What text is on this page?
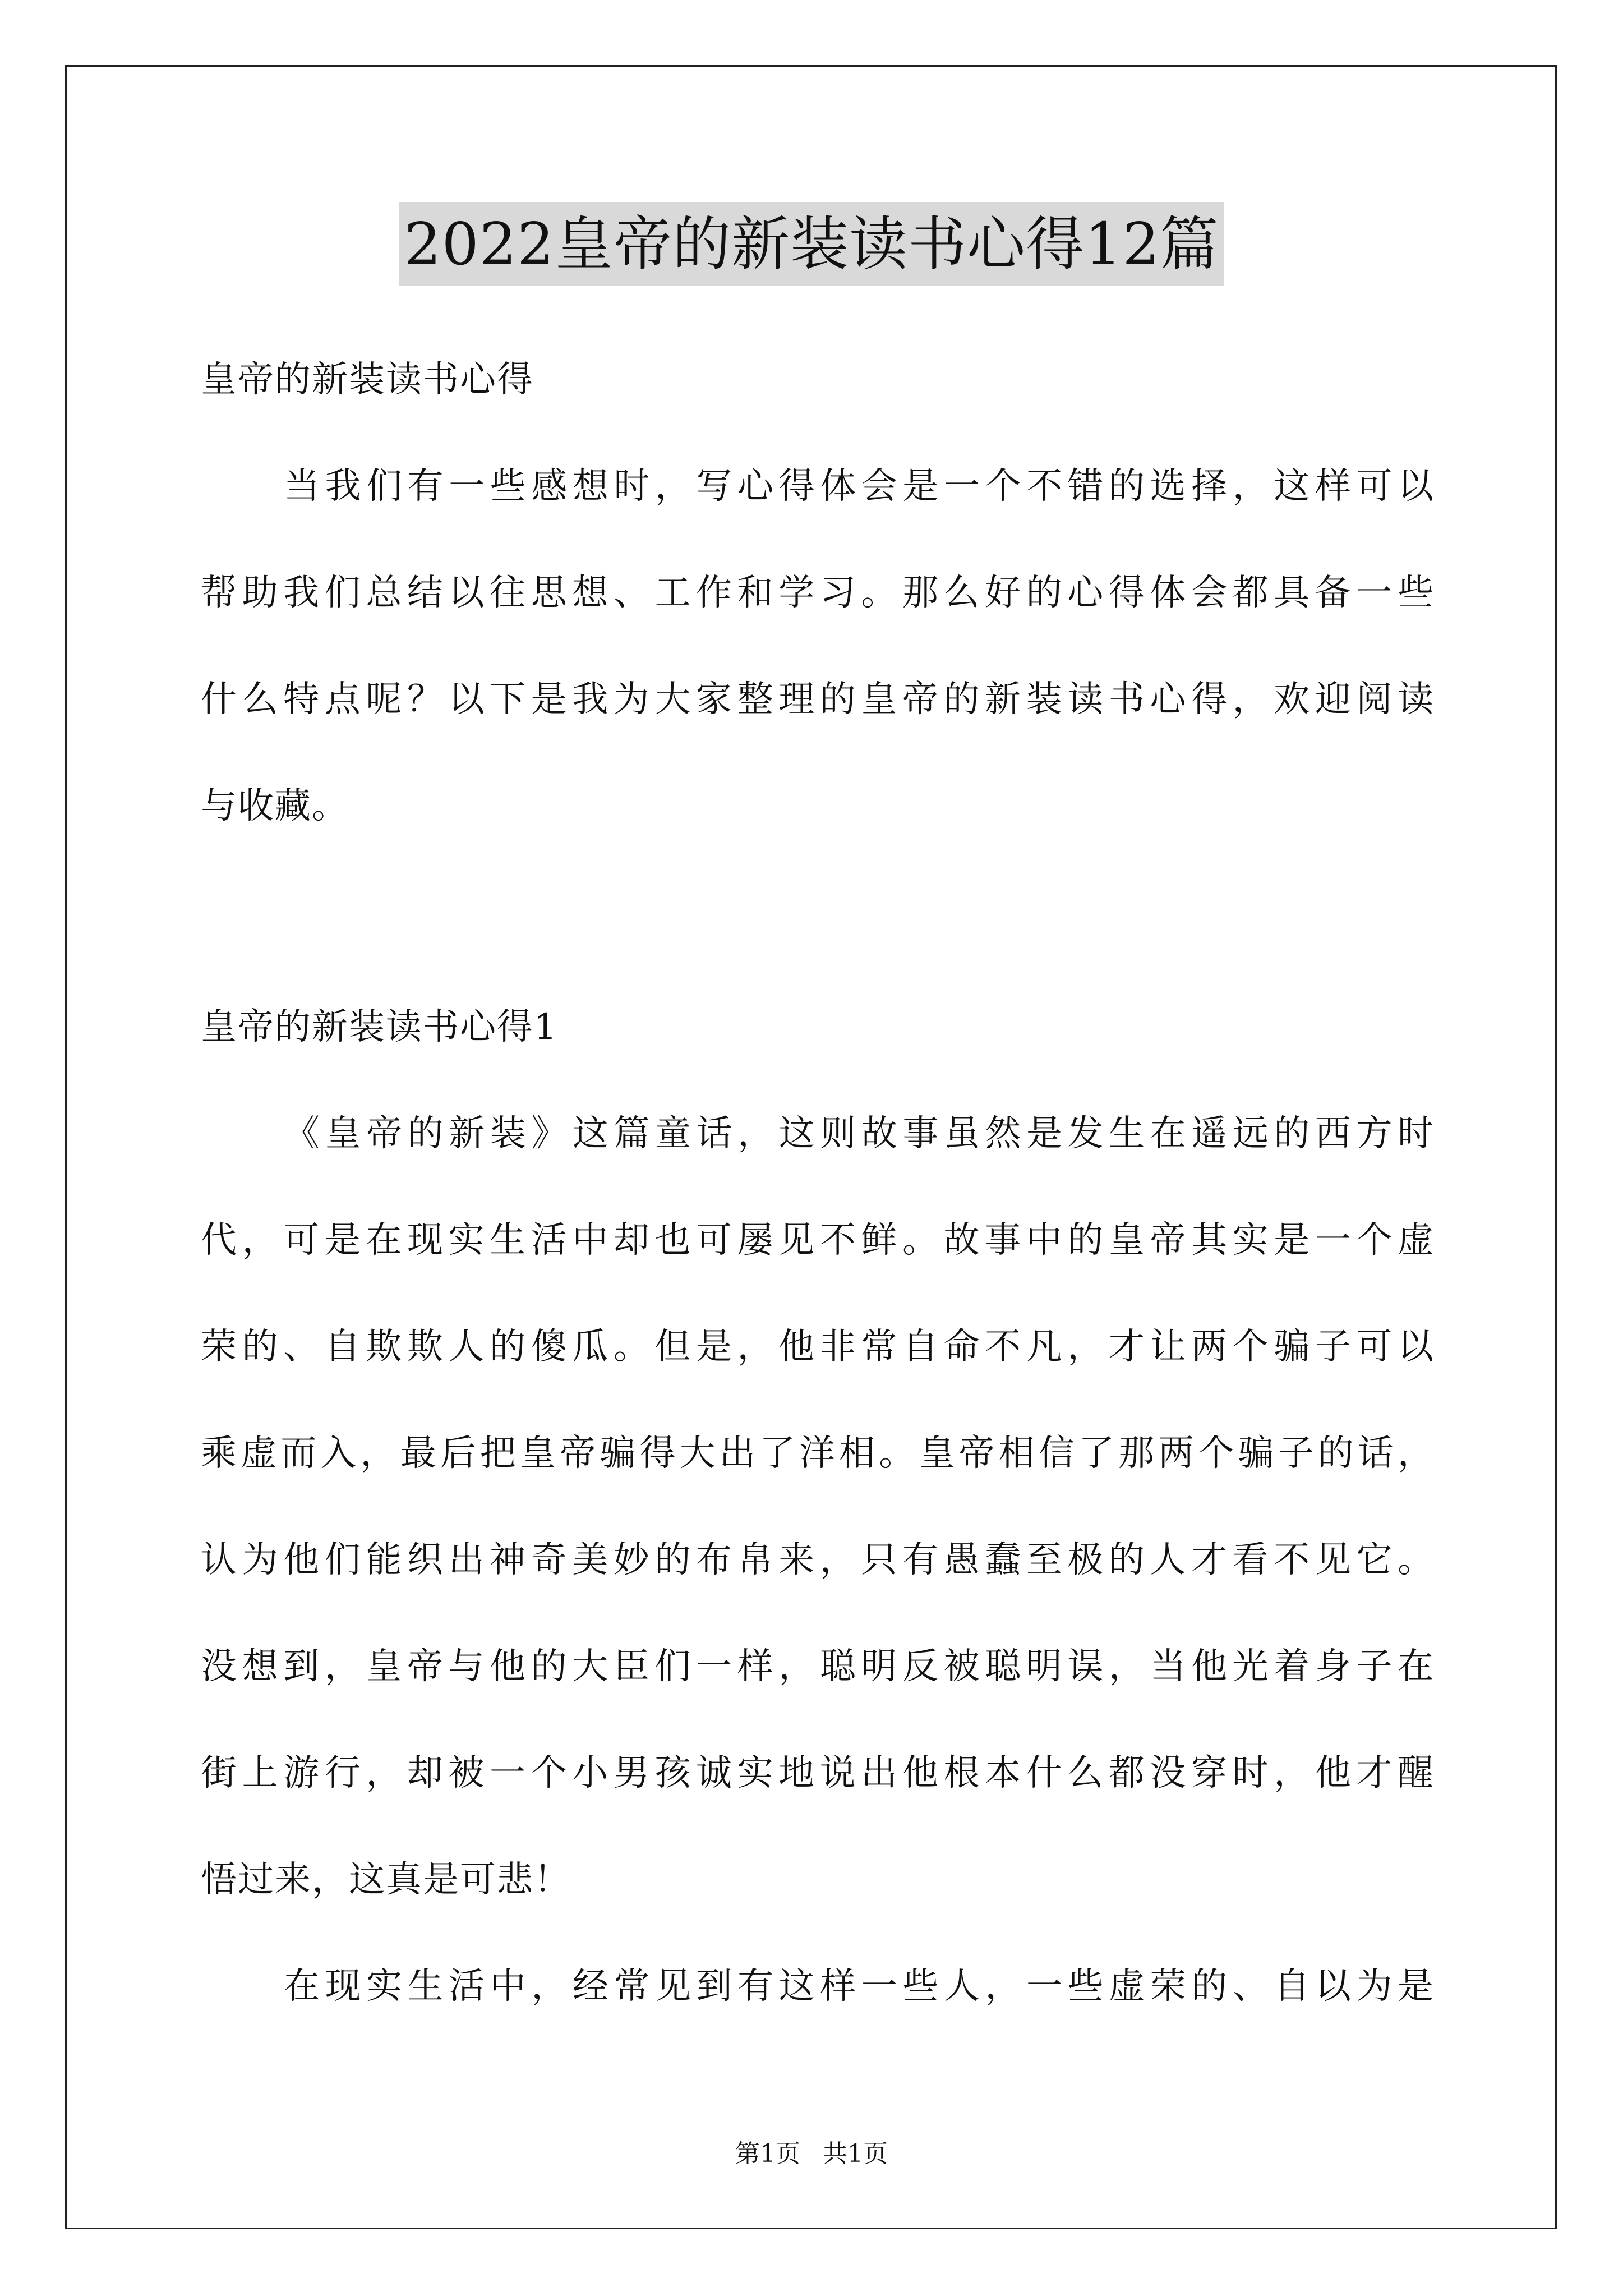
2022皇帝的新装读书心得12篇
皇帝的新装读书心得
当我们有一些感想时，写心得体会是一个不错的选择，这样可以
帮助我们总结以往思想、工作和学习。那么好的心得体会都具备一些
什么特点呢？以下是我为大家整理的皇帝的新装读书心得，欢迎阅读
与收藏。
皇帝的新装读书心得1
《皇帝的新装》这篇童话，这则故事虽然是发生在遥远的西方时
代，可是在现实生活中却也可屡见不鲜。故事中的皇帝其实是一个虚
荣的、自欺欺人的傻瓜。但是，他非常自命不凡，才让两个骗子可以
乘虚而入，最后把皇帝骗得大出了洋相。皇帝相信了那两个骗子的话，
认为他们能织出神奇美妙的布帛来，只有愚蠢至极的人才看不见它。
没想到，皇帝与他的大臣们一样，聪明反被聪明误，当他光着身子在
街上游行，却被一个小男孩诚实地说出他根本什么都没穿时，他才醒
悟过来，这真是可悲！
在现实生活中，经常见到有这样一些人，一些虚荣的、自以为是
第1页 共1页
